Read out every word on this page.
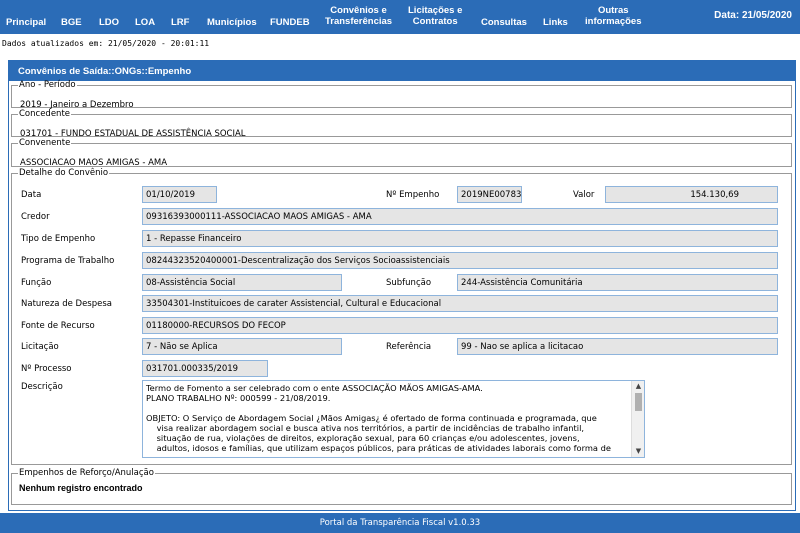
Principal BGE LDO LOA LRF Municípios FUNDEB
Convênios e
Transferências
Licitações e
Contratos	Consultas Links
Outras
informações
Data: 21/05/2020
Dados atualizados em: 21/05/2020 - 20:01:11
Convênios de Saída::ONGs::Empenho
Ano - Período
2019 - Janeiro a Dezembro
Concedente
031701 - FUNDO ESTADUAL DE ASSISTÊNCIA SOCIAL
Convenente
ASSOCIACAO MAOS AMIGAS - AMA
Detalhe do Convênio
Data	01/10/2019	Nº Empenho	2019NE00783	Valor	154.130,69
Credor	09316393000111-ASSOCIACAO MAOS AMIGAS - AMA
Tipo de Empenho	1 - Repasse Financeiro
Programa de Trabalho	08244323520400001-Descentralização dos Serviços Socioassistenciais
Função	08-Assistência Social	Subfunção	244-Assistência Comunitária
Natureza de Despesa	33504301-Instituicoes de carater Assistencial, Cultural e Educacional
Fonte de Recurso	01180000-RECURSOS DO FECOP
Licitação	7 - Não se Aplica	Referência	99 - Nao se aplica a licitacao
Nº Processo	031701.000335/2019
Descrição	Termo de Fomento a ser celebrado com o ente ASSOCIAÇÃO MÃOS AMIGAS-AMA.
PLANO TRABALHO Nº: 000599 - 21/08/2019.

OBJETO: O Serviço de Abordagem Social ¿Mãos Amigas¿ é ofertado de forma continuada e programada, que
visa realizar abordagem social e busca ativa nos territórios, a partir de incidências de trabalho infantil,
situação de rua, violações de direitos, exploração sexual, para 60 crianças e/ou adolescentes, jovens,
adultos, idosos e famílias, que utilizam espaços públicos, para práticas de atividades laborais como forma de
▲
▼
Empenhos de Reforço/Anulação
Nenhum registro encontrado
Portal da Transparência Fiscal v1.0.33
